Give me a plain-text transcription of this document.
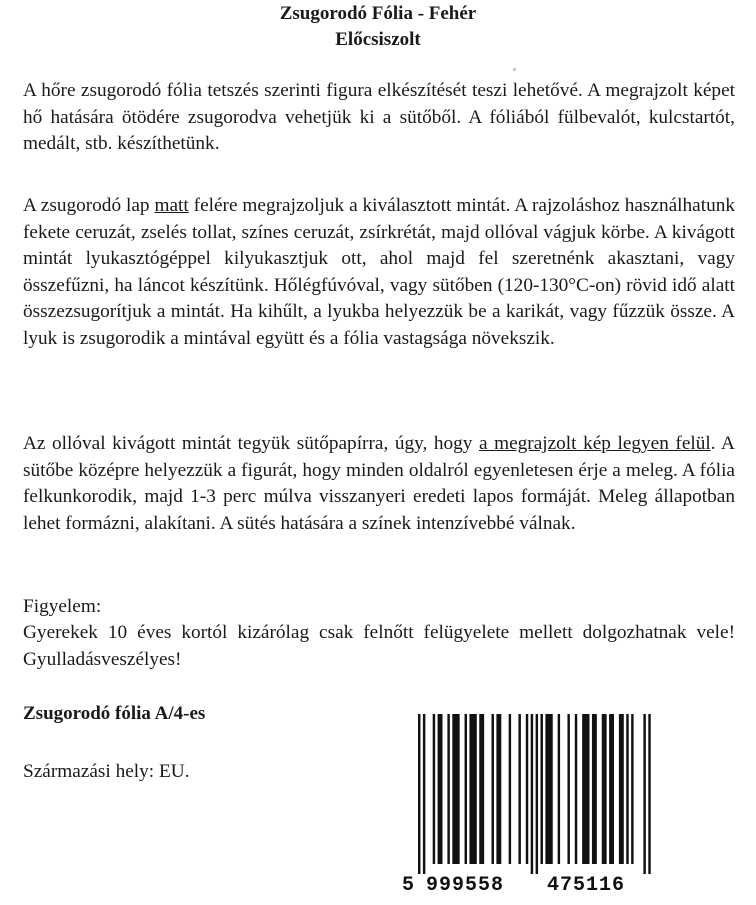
Zsugorodó Fólia - Fehér
Előcsiszolt
A hőre zsugorodó fólia tetszés szerinti figura elkészítését teszi lehetővé. A megrajzolt képet hő hatására ötödére zsugorodva vehetjük ki a sütőből. A fóliából fülbevalót, kulcstartót, medált, stb. készíthetünk.
A zsugorodó lap matt felére megrajzoljuk a kiválasztott mintát. A rajzoláshoz használhatunk fekete ceruzát, zselés tollat, színes ceruzát, zsírkrétát, majd ollóval vágjuk körbe. A kivágott mintát lyukasztógéppel kilyukasztjuk ott, ahol majd fel szeretnénk akasztani, vagy összefűzni, ha láncot készítünk. Hőlégfúvóval, vagy sütőben (120-130°C-on) rövid idő alatt összezsugorítjuk a mintát. Ha kihűlt, a lyukba helyezzük be a karikát, vagy fűzzük össze. A lyuk is zsugorodik a mintával együtt és a fólia vastagsága növekszik.
Az ollóval kivágott mintát tegyük sütőpapírra, úgy, hogy a megrajzolt kép legyen felül. A sütőbe középre helyezzük a figurát, hogy minden oldalról egyenletesen érje a meleg. A fólia felkunkorodik, majd 1-3 perc múlva visszanyeri eredeti lapos formáját. Meleg állapotban lehet formázni, alakítani. A sütés hatására a színek intenzívebbé válnak.
Figyelem:
Gyerekek 10 éves kortól kizárólag csak felnőtt felügyelete mellett dolgozhatnak vele! Gyulladásveszélyes!
Zsugorodó fólia A/4-es
Származási hely: EU.
5 999558 475116
